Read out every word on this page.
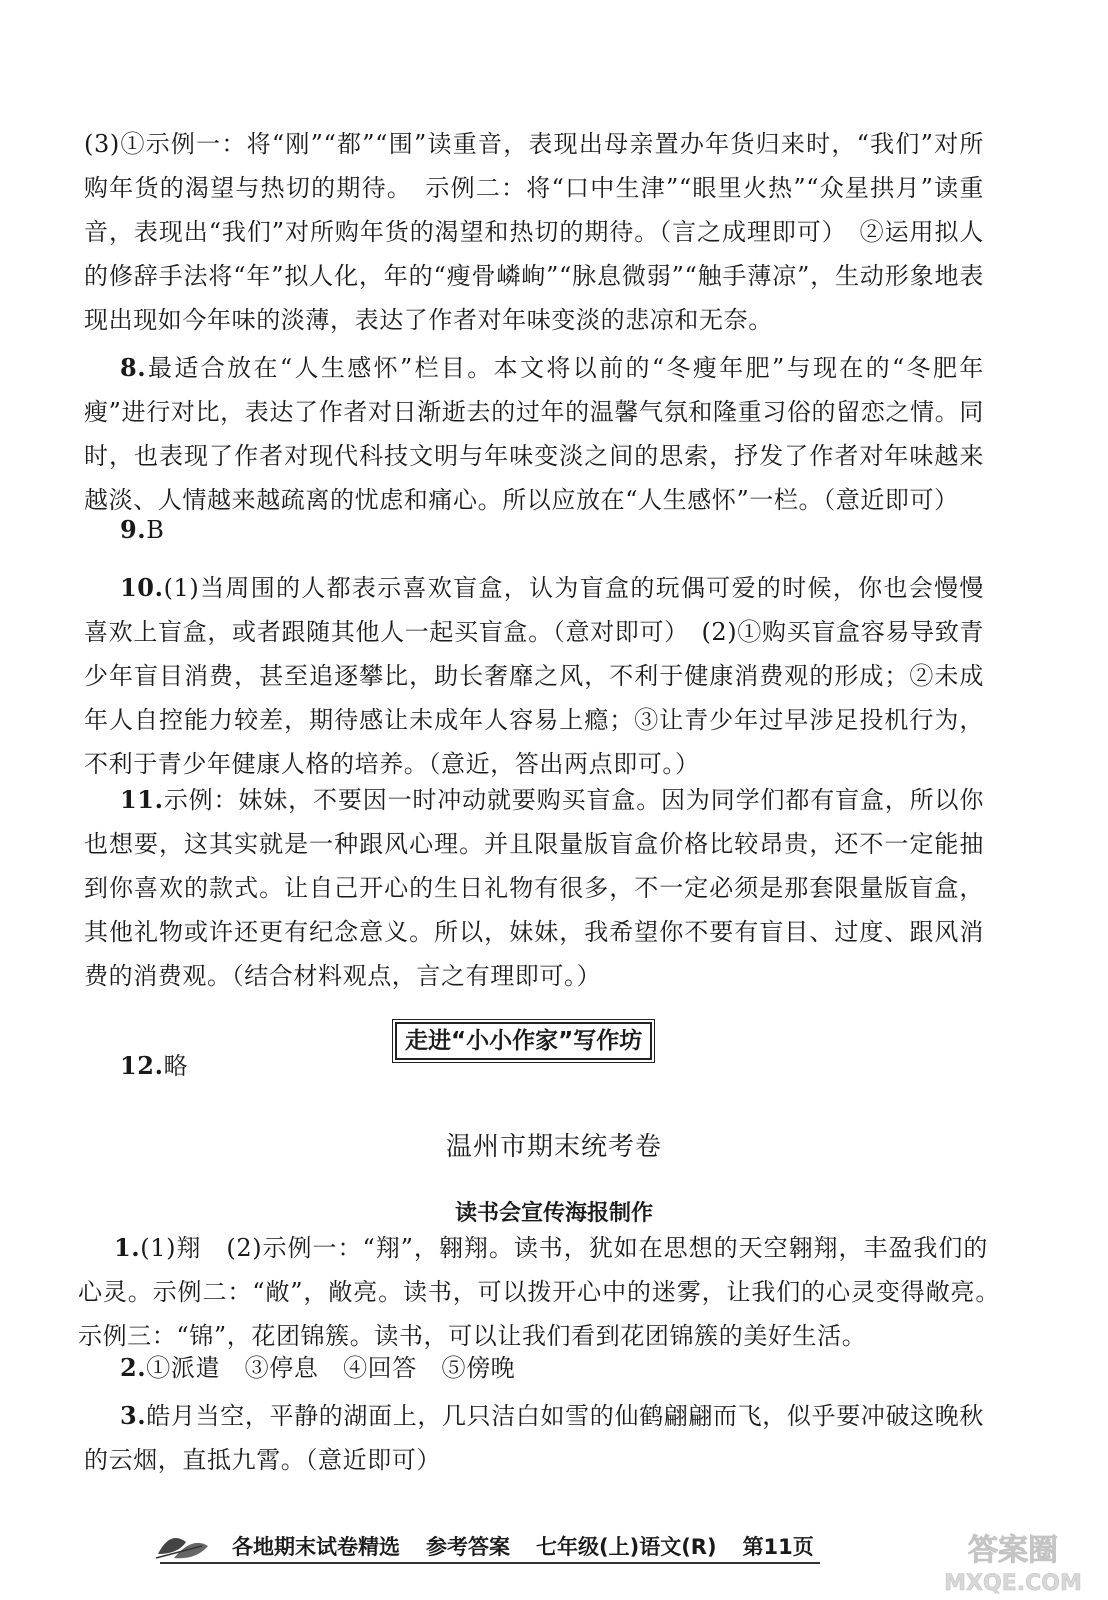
(3)①示例一：将“刚”“都”“围”读重音，表现出母亲置办年货归来时，“我们”对所购年货的渴望与热切的期待。　示例二：将“口中生津”“眼里火热”“众星拱月”读重音，表现出“我们”对所购年货的渴望和热切的期待。（言之成理即可）　②运用拟人的修辞手法将“年”拟人化，年的“瘦骨嶙峋”“脉息微弱”“触手薄凉”，生动形象地表现出现如今年味的淡薄，表达了作者对年味变淡的悲凉和无奈。

8.最适合放在“人生感怀”栏目。本文将以前的“冬瘦年肥”与现在的“冬肥年瘦”进行对比，表达了作者对日渐逝去的过年的温馨气氛和隆重习俗的留恋之情。同时，也表现了作者对现代科技文明与年味变淡之间的思索，抒发了作者对年味越来越淡、人情越来越疏离的忧虑和痛心。所以应放在“人生感怀”一栏。（意近即可）

9.B

10.(1)当周围的人都表示喜欢盲盒，认为盲盒的玩偶可爱的时候，你也会慢慢喜欢上盲盒，或者跟随其他人一起买盲盒。（意对即可）　(2)①购买盲盒容易导致青少年盲目消费，甚至追逐攀比，助长奢靡之风，不利于健康消费观的形成；②未成年人自控能力较差，期待感让未成年人容易上瘾；③让青少年过早涉足投机行为，不利于青少年健康人格的培养。（意近，答出两点即可。）

11.示例：妹妹，不要因一时冲动就要购买盲盒。因为同学们都有盲盒，所以你也想要，这其实就是一种跟风心理。并且限量版盲盒价格比较昂贵，还不一定能抽到你喜欢的款式。让自己开心的生日礼物有很多，不一定必须是那套限量版盲盒，其他礼物或许还更有纪念意义。所以，妹妹，我希望你不要有盲目、过度、跟风消费的消费观。（结合材料观点，言之有理即可。）

走进“小小作家”写作坊

12.略

温州市期末统考卷
读书会宣传海报制作

1.(1)翔　(2)示例一：“翔”，翱翔。读书，犹如在思想的天空翱翔，丰盈我们的心灵。示例二：“敞”，敞亮。读书，可以拨开心中的迷雾，让我们的心灵变得敞亮。　示例三：“锦”，花团锦簇。读书，可以让我们看到花团锦簇的美好生活。

2.①派遣　③停息　④回答　⑤傍晚

3.皓月当空，平静的湖面上，几只洁白如雪的仙鹤翩翩而飞，似乎要冲破这晚秋的云烟，直抵九霄。（意近即可）

各地期末试卷精选 参考答案 七年级(上)语文(R) 第11页	答案圈
MXQE.COM
